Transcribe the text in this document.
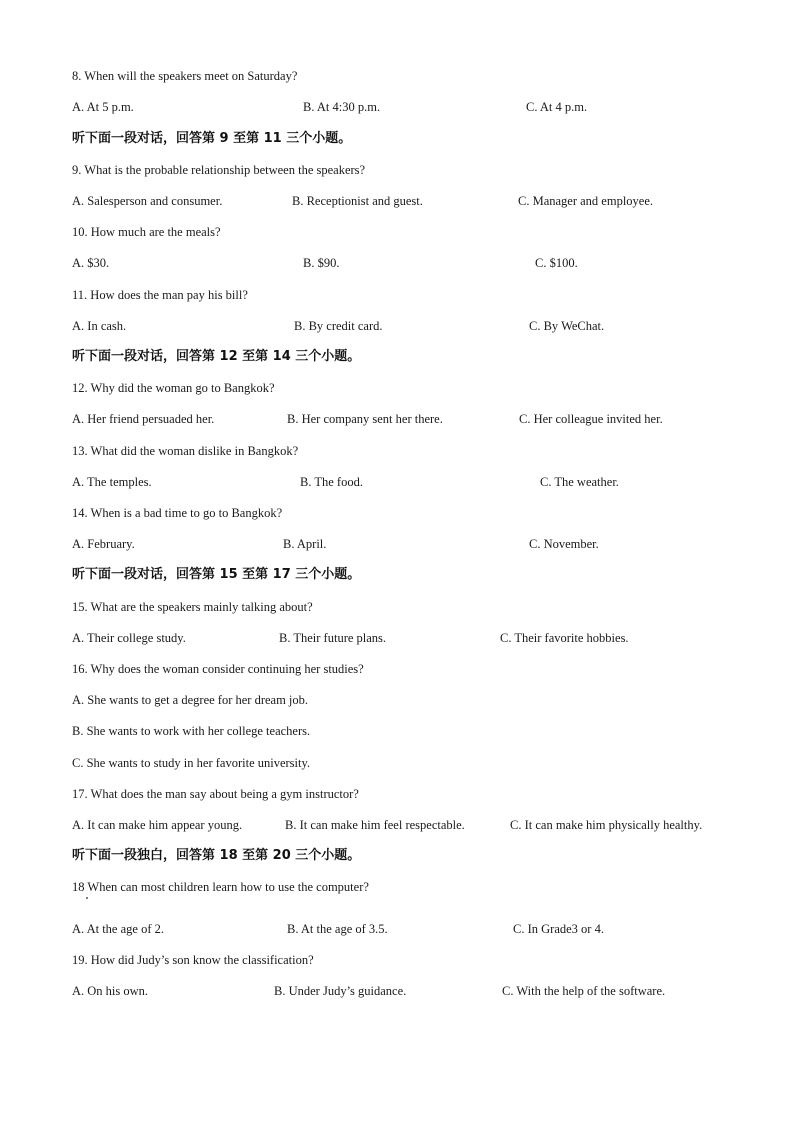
8. When will the speakers meet on Saturday?
A. At 5 p.m.	B. At 4:30 p.m.	C. At 4 p.m.
听下面一段对话，回答第 9 至第 11 三个小题。
9. What is the probable relationship between the speakers?
A. Salesperson and consumer.	B. Receptionist and guest.	C. Manager and employee.
10. How much are the meals?
A. $30.	B. $90.	C. $100.
11. How does the man pay his bill?
A. In cash.	B. By credit card.	C. By WeChat.
听下面一段对话，回答第 12 至第 14 三个小题。
12. Why did the woman go to Bangkok?
A. Her friend persuaded her.	B. Her company sent her there.	C. Her colleague invited her.
13. What did the woman dislike in Bangkok?
A. The temples.	B. The food.	C. The weather.
14. When is a bad time to go to Bangkok?
A. February.	B. April.	C. November.
听下面一段对话，回答第 15 至第 17 三个小题。
15. What are the speakers mainly talking about?
A. Their college study.	B. Their future plans.	C. Their favorite hobbies.
16. Why does the woman consider continuing her studies?
A. She wants to get a degree for her dream job.
B. She wants to work with her college teachers.
C. She wants to study in her favorite university.
17. What does the man say about being a gym instructor?
A. It can make him appear young.	B. It can make him feel respectable.	C. It can make him physically healthy.
听下面一段独白，回答第 18 至第 20 三个小题。
18 When can most children learn how to use the computer?
A. At the age of 2.	B. At the age of 3.5.	C. In Grade3 or 4.
19. How did Judy’s son know the classification?
A. On his own.	B. Under Judy’s guidance.	C. With the help of the software.
